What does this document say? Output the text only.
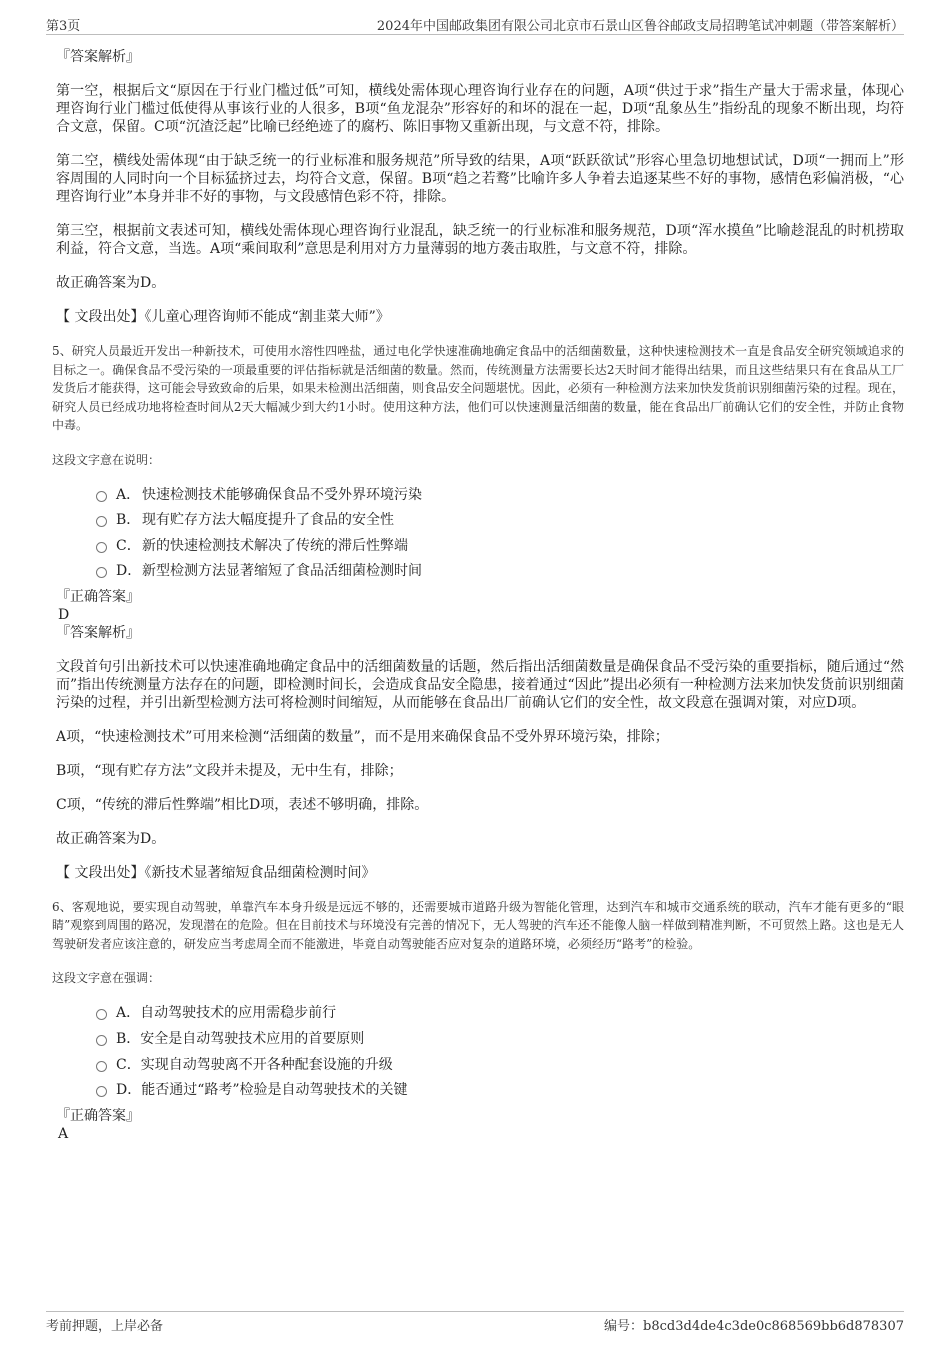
第3页	2024年中国邮政集团有限公司北京市石景山区鲁谷邮政支局招聘笔试冲刺题（带答案解析）
『答案解析』

第一空，根据后文“原因在于行业门槛过低”可知，横线处需体现心理咨询行业存在的问题，A项“供过于求”指生产量大于需求量，体现心理咨询行业门槛过低使得从事该行业的人很多，B项“鱼龙混杂”形容好的和坏的混在一起，D项“乱象丛生”指纷乱的现象不断出现，均符合文意，保留。C项“沉渣泛起”比喻已经绝迹了的腐朽、陈旧事物又重新出现，与文意不符，排除。

第二空，横线处需体现“由于缺乏统一的行业标准和服务规范”所导致的结果，A项“跃跃欲试”形容心里急切地想试试，D项“一拥而上”形容周围的人同时向一个目标猛挤过去，均符合文意，保留。B项“趋之若鹜”比喻许多人争着去追逐某些不好的事物，感情色彩偏消极，“心理咨询行业”本身并非不好的事物，与文段感情色彩不符，排除。

第三空，根据前文表述可知，横线处需体现心理咨询行业混乱，缺乏统一的行业标准和服务规范，D项“浑水摸鱼”比喻趁混乱的时机捞取利益，符合文意，当选。A项“乘间取利”意思是利用对方力量薄弱的地方袭击取胜，与文意不符，排除。

故正确答案为D。

【 文段出处】《儿童心理咨询师不能成“割韭菜大师”》

5、研究人员最近开发出一种新技术，可使用水溶性四唑盐，通过电化学快速准确地确定食品中的活细菌数量，这种快速检测技术一直是食品安全研究领域追求的目标之一。确保食品不受污染的一项最重要的评估指标就是活细菌的数量。然而，传统测量方法需要长达2天时间才能得出结果，而且这些结果只有在食品从工厂发货后才能获得，这可能会导致致命的后果，如果未检测出活细菌，则食品安全问题堪忧。因此，必须有一种检测方法来加快发货前识别细菌污染的过程。现在，研究人员已经成功地将检查时间从2天大幅减少到大约1小时。使用这种方法，他们可以快速测量活细菌的数量，能在食品出厂前确认它们的安全性，并防止食物中毒。

这段文字意在说明：
A． 快速检测技术能够确保食品不受外界环境污染
B． 现有贮存方法大幅度提升了食品的安全性
C．新的快速检测技术解决了传统的滞后性弊端
D．新型检测方法显著缩短了食品活细菌检测时间
『正确答案』
D
『答案解析』

文段首句引出新技术可以快速准确地确定食品中的活细菌数量的话题，然后指出活细菌数量是确保食品不受污染的重要指标，随后通过“然而”指出传统测量方法存在的问题，即检测时间长，会造成食品安全隐患，接着通过“因此”提出必须有一种检测方法来加快发货前识别细菌污染的过程，并引出新型检测方法可将检测时间缩短，从而能够在食品出厂前确认它们的安全性，故文段意在强调对策，对应D项。

A项，“快速检测技术”可用来检测“活细菌的数量”，而不是用来确保食品不受外界环境污染，排除；

B项，“现有贮存方法”文段并未提及，无中生有，排除；

C项，“传统的滞后性弊端”相比D项，表述不够明确，排除。

故正确答案为D。

【 文段出处】《新技术显著缩短食品细菌检测时间》

6、客观地说，要实现自动驾驶，单靠汽车本身升级是远远不够的，还需要城市道路升级为智能化管理，达到汽车和城市交通系统的联动，汽车才能有更多的“眼睛”观察到周围的路况，发现潜在的危险。但在目前技术与环境没有完善的情况下，无人驾驶的汽车还不能像人脑一样做到精准判断，不可贸然上路。这也是无人驾驶研发者应该注意的，研发应当考虑周全而不能激进，毕竟自动驾驶能否应对复杂的道路环境，必须经历“路考”的检验。

这段文字意在强调：
A．自动驾驶技术的应用需稳步前行
B．安全是自动驾驶技术应用的首要原则
C．实现自动驾驶离不开各种配套设施的升级
D．能否通过“路考”检验是自动驾驶技术的关键
『正确答案』
A
考前押题，上岸必备	编号：b8cd3d4de4c3de0c868569bb6d878307
